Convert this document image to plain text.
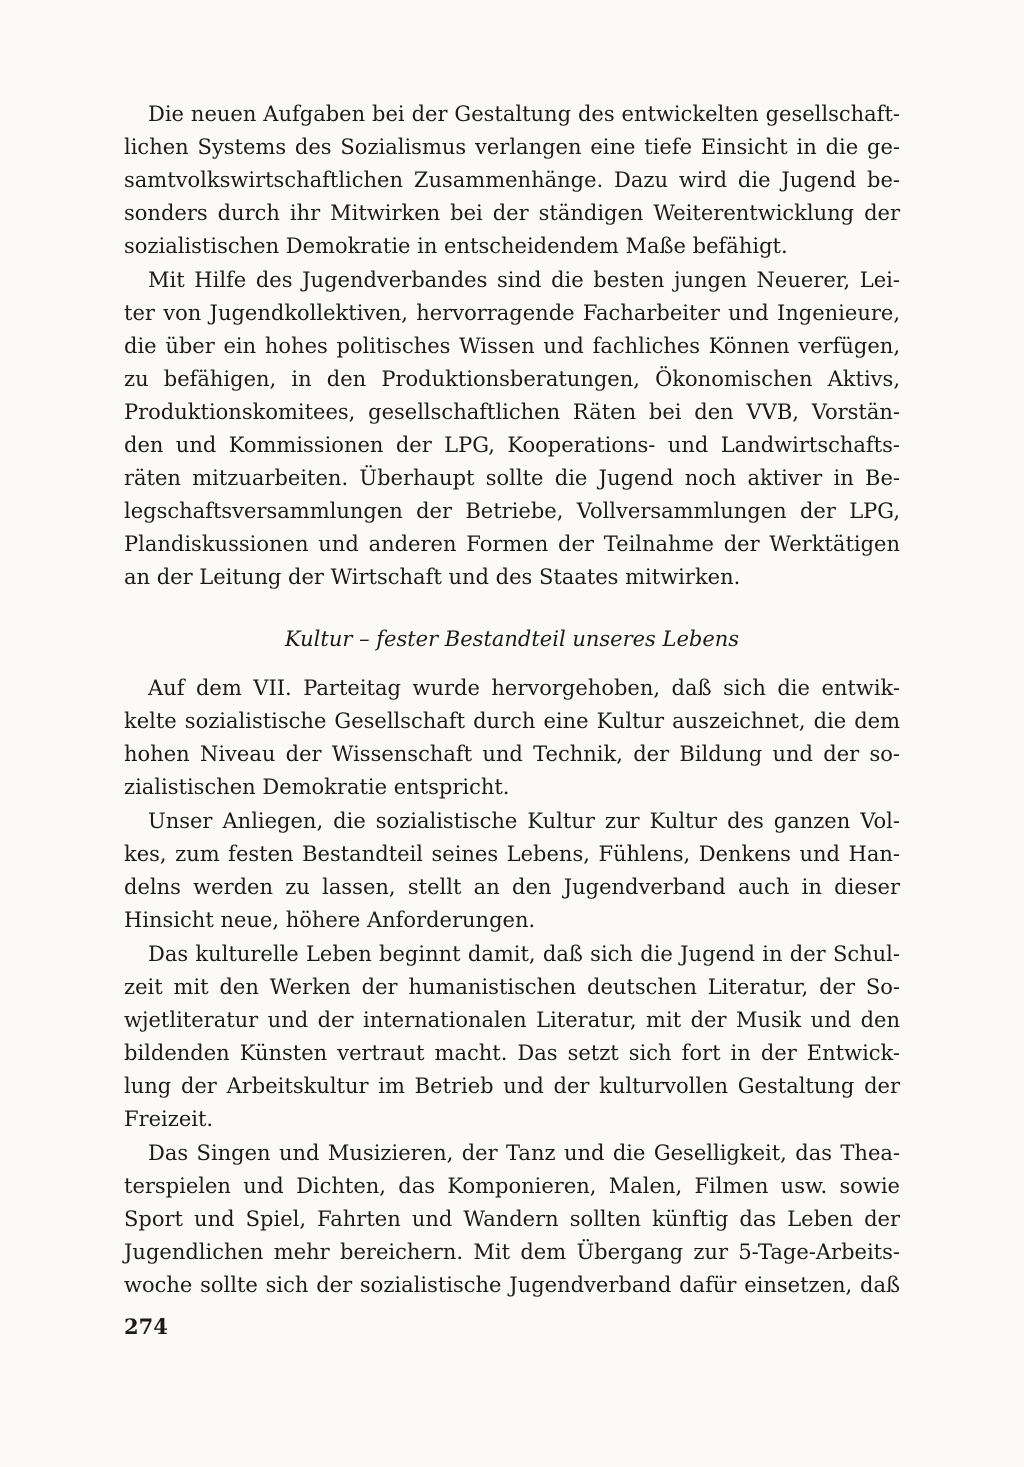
Die neuen Aufgaben bei der Gestaltung des entwickelten gesellschaft-
lichen Systems des Sozialismus verlangen eine tiefe Einsicht in die ge-
samtvolkswirtschaftlichen Zusammenhänge. Dazu wird die Jugend be-
sonders durch ihr Mitwirken bei der ständigen Weiterentwicklung der
sozialistischen Demokratie in entscheidendem Maße befähigt.
Mit Hilfe des Jugendverbandes sind die besten jungen Neuerer, Lei-
ter von Jugendkollektiven, hervorragende Facharbeiter und Ingenieure,
die über ein hohes politisches Wissen und fachliches Können verfügen,
zu befähigen, in den Produktionsberatungen, Ökonomischen Aktivs,
Produktionskomitees, gesellschaftlichen Räten bei den VVB, Vorstän-
den und Kommissionen der LPG, Kooperations- und Landwirtschafts-
räten mitzuarbeiten. Überhaupt sollte die Jugend noch aktiver in Be-
legschaftsversammlungen der Betriebe, Vollversammlungen der LPG,
Plandiskussionen und anderen Formen der Teilnahme der Werktätigen
an der Leitung der Wirtschaft und des Staates mitwirken.
Kultur – fester Bestandteil unseres Lebens
Auf dem VII. Parteitag wurde hervorgehoben, daß sich die entwik-
kelte sozialistische Gesellschaft durch eine Kultur auszeichnet, die dem
hohen Niveau der Wissenschaft und Technik, der Bildung und der so-
zialistischen Demokratie entspricht.
Unser Anliegen, die sozialistische Kultur zur Kultur des ganzen Vol-
kes, zum festen Bestandteil seines Lebens, Fühlens, Denkens und Han-
delns werden zu lassen, stellt an den Jugendverband auch in dieser
Hinsicht neue, höhere Anforderungen.
Das kulturelle Leben beginnt damit, daß sich die Jugend in der Schul-
zeit mit den Werken der humanistischen deutschen Literatur, der So-
wjetliteratur und der internationalen Literatur, mit der Musik und den
bildenden Künsten vertraut macht. Das setzt sich fort in der Entwick-
lung der Arbeitskultur im Betrieb und der kulturvollen Gestaltung der
Freizeit.
Das Singen und Musizieren, der Tanz und die Geselligkeit, das Thea-
terspielen und Dichten, das Komponieren, Malen, Filmen usw. sowie
Sport und Spiel, Fahrten und Wandern sollten künftig das Leben der
Jugendlichen mehr bereichern. Mit dem Übergang zur 5-Tage-Arbeits-
woche sollte sich der sozialistische Jugendverband dafür einsetzen, daß
274
